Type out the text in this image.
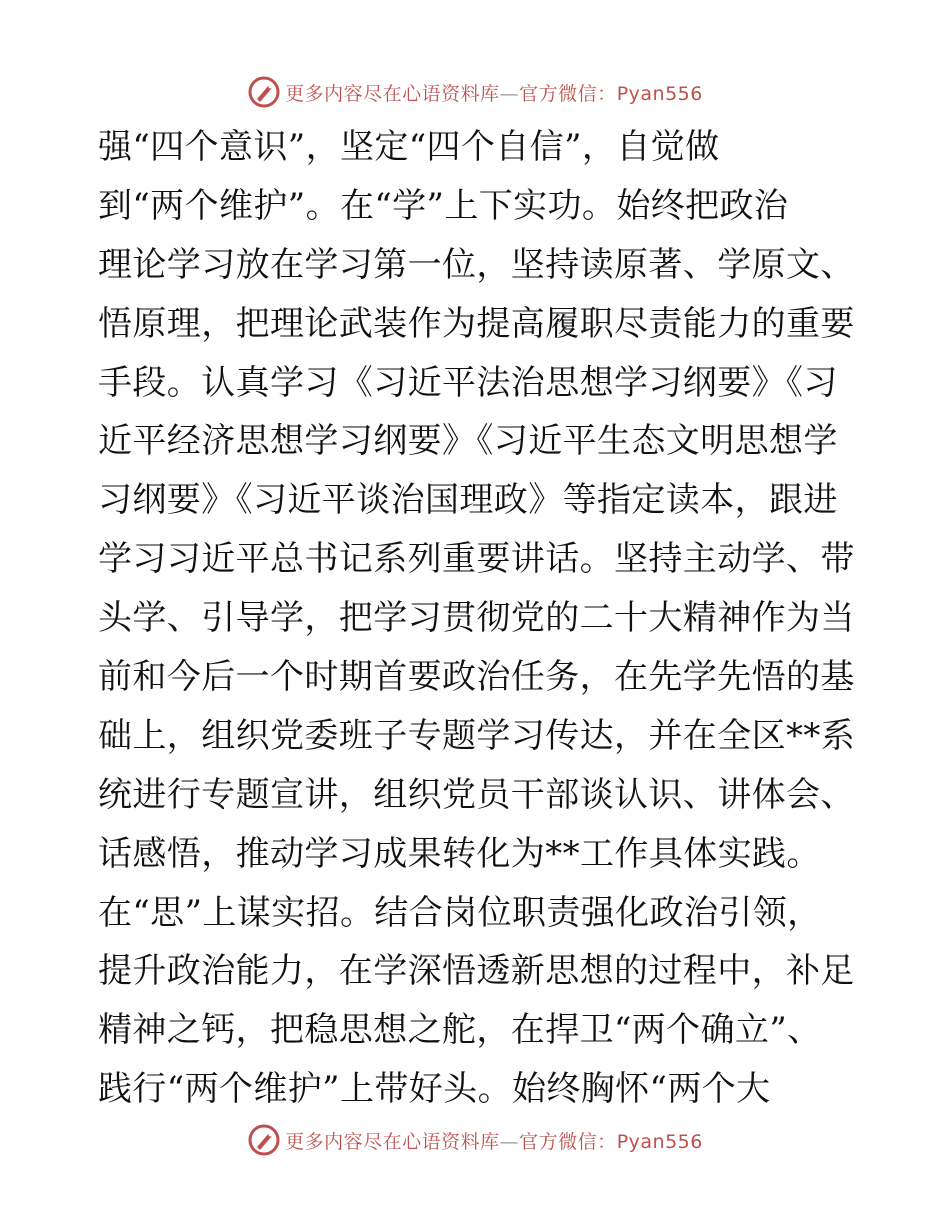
更多内容尽在心语资料库—官方微信：Pyan556
强“四个意识”，坚定“四个自信”，自觉做
到“两个维护”。在“学”上下实功。始终把政治
理论学习放在学习第一位，坚持读原著、学原文、
悟原理，把理论武装作为提高履职尽责能力的重要
手段。认真学习《习近平法治思想学习纲要》《习
近平经济思想学习纲要》《习近平生态文明思想学
习纲要》《习近平谈治国理政》等指定读本，跟进
学习习近平总书记系列重要讲话。坚持主动学、带
头学、引导学，把学习贯彻党的二十大精神作为当
前和今后一个时期首要政治任务，在先学先悟的基
础上，组织党委班子专题学习传达，并在全区**系
统进行专题宣讲，组织党员干部谈认识、讲体会、
话感悟，推动学习成果转化为**工作具体实践。
在“思”上谋实招。结合岗位职责强化政治引领，
提升政治能力，在学深悟透新思想的过程中，补足
精神之钙，把稳思想之舵，在捍卫“两个确立”、
践行“两个维护”上带好头。始终胸怀“两个大
更多内容尽在心语资料库—官方微信：Pyan556
